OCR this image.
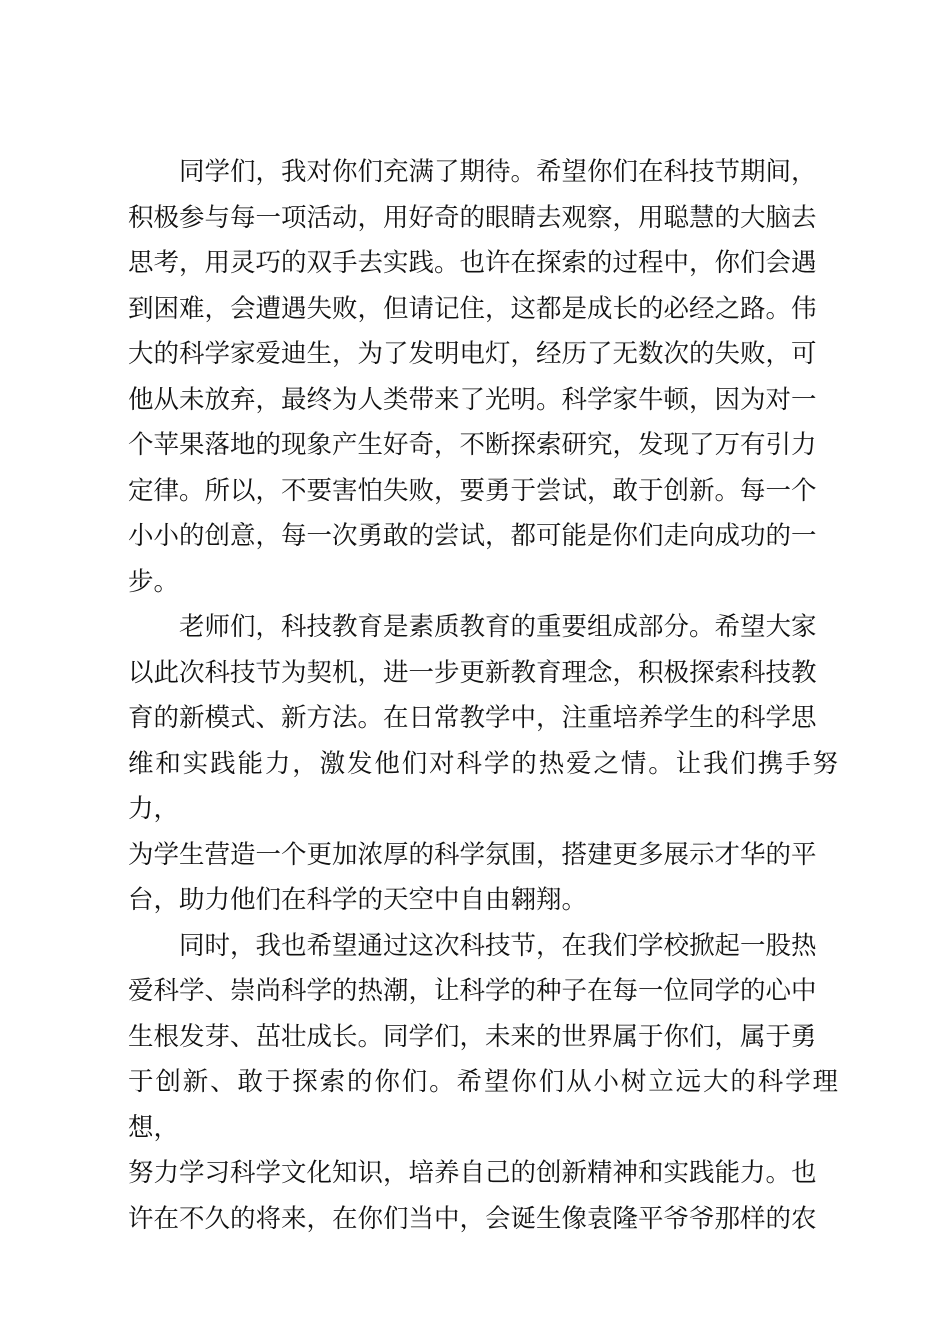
同学们，我对你们充满了期待。希望你们在科技节期间，
积极参与每一项活动，用好奇的眼睛去观察，用聪慧的大脑去
思考，用灵巧的双手去实践。也许在探索的过程中，你们会遇
到困难，会遭遇失败，但请记住，这都是成长的必经之路。伟
大的科学家爱迪生，为了发明电灯，经历了无数次的失败，可
他从未放弃，最终为人类带来了光明。科学家牛顿，因为对一
个苹果落地的现象产生好奇，不断探索研究，发现了万有引力
定律。所以，不要害怕失败，要勇于尝试，敢于创新。每一个
小小的创意，每一次勇敢的尝试，都可能是你们走向成功的一
步。
老师们，科技教育是素质教育的重要组成部分。希望大家
以此次科技节为契机，进一步更新教育理念，积极探索科技教
育的新模式、新方法。在日常教学中，注重培养学生的科学思
维和实践能力，激发他们对科学的热爱之情。让我们携手努力，
为学生营造一个更加浓厚的科学氛围，搭建更多展示才华的平
台，助力他们在科学的天空中自由翱翔。
同时，我也希望通过这次科技节，在我们学校掀起一股热
爱科学、崇尚科学的热潮，让科学的种子在每一位同学的心中
生根发芽、茁壮成长。同学们，未来的世界属于你们，属于勇
于创新、敢于探索的你们。希望你们从小树立远大的科学理想，
努力学习科学文化知识，培养自己的创新精神和实践能力。也
许在不久的将来，在你们当中，会诞生像袁隆平爷爷那样的农
